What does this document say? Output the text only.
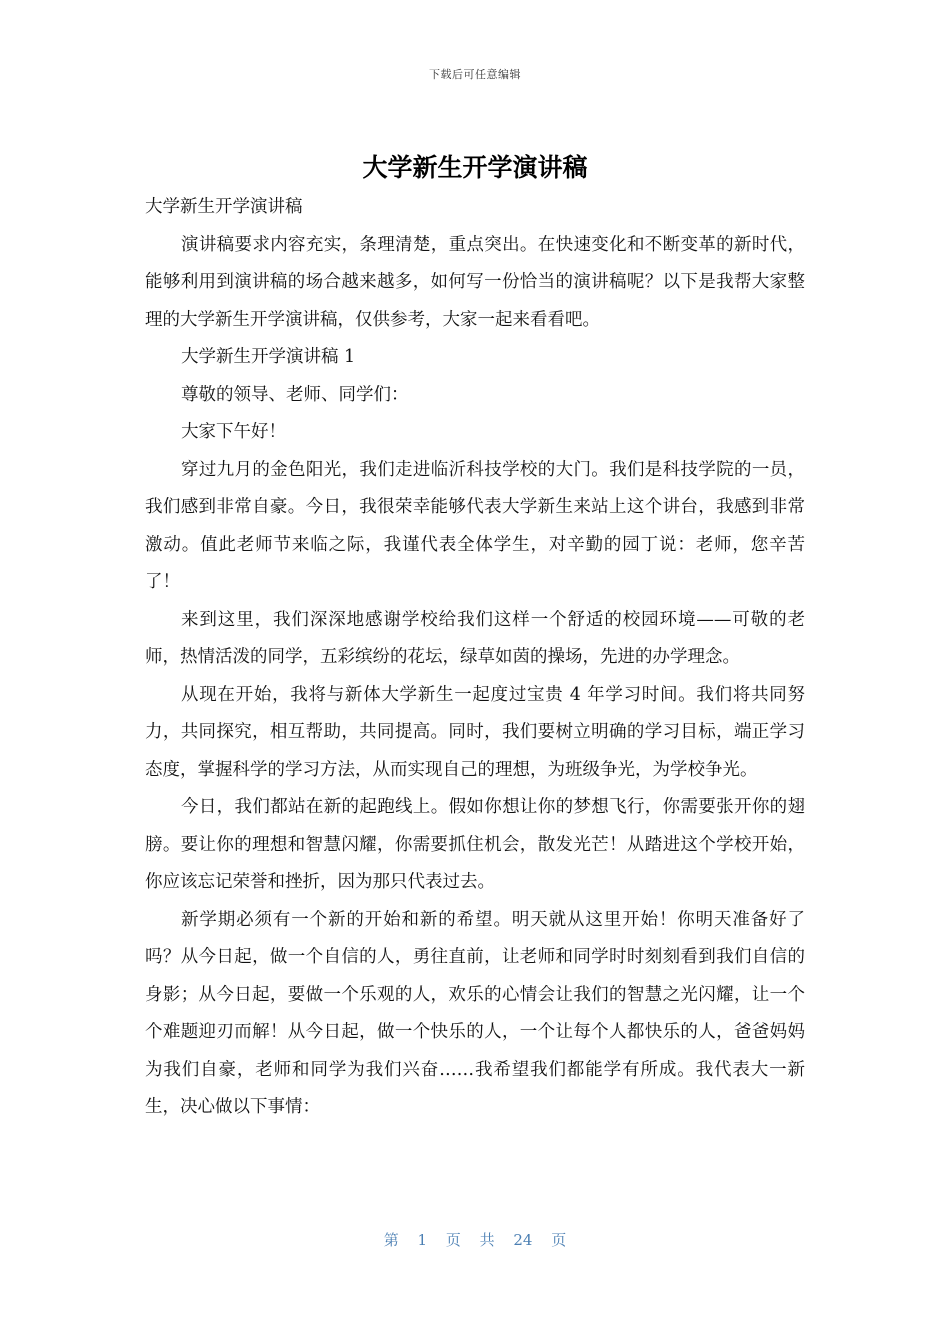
下载后可任意编辑
大学新生开学演讲稿

大学新生开学演讲稿

演讲稿要求内容充实，条理清楚，重点突出。在快速变化和不断变革的新时代，能够利用到演讲稿的场合越来越多，如何写一份恰当的演讲稿呢？以下是我帮大家整理的大学新生开学演讲稿，仅供参考，大家一起来看看吧。

大学新生开学演讲稿 1

尊敬的领导、老师、同学们：

大家下午好！

穿过九月的金色阳光，我们走进临沂科技学校的大门。我们是科技学院的一员，我们感到非常自豪。今日，我很荣幸能够代表大学新生来站上这个讲台，我感到非常激动。值此老师节来临之际，我谨代表全体学生，对辛勤的园丁说：老师，您辛苦了！

来到这里，我们深深地感谢学校给我们这样一个舒适的校园环境——可敬的老师，热情活泼的同学，五彩缤纷的花坛，绿草如茵的操场，先进的办学理念。

从现在开始，我将与新体大学新生一起度过宝贵 4 年学习时间。我们将共同努力，共同探究，相互帮助，共同提高。同时，我们要树立明确的学习目标，端正学习态度，掌握科学的学习方法，从而实现自己的理想，为班级争光，为学校争光。

今日，我们都站在新的起跑线上。假如你想让你的梦想飞行，你需要张开你的翅膀。要让你的理想和智慧闪耀，你需要抓住机会，散发光芒！从踏进这个学校开始，你应该忘记荣誉和挫折，因为那只代表过去。

新学期必须有一个新的开始和新的希望。明天就从这里开始！你明天准备好了吗？从今日起，做一个自信的人，勇往直前，让老师和同学时时刻刻看到我们自信的身影；从今日起，要做一个乐观的人，欢乐的心情会让我们的智慧之光闪耀，让一个个难题迎刃而解！从今日起，做一个快乐的人，一个让每个人都快乐的人，爸爸妈妈为我们自豪，老师和同学为我们兴奋……我希望我们都能学有所成。我代表大一新生，决心做以下事情：

第 1 页 共 24 页
